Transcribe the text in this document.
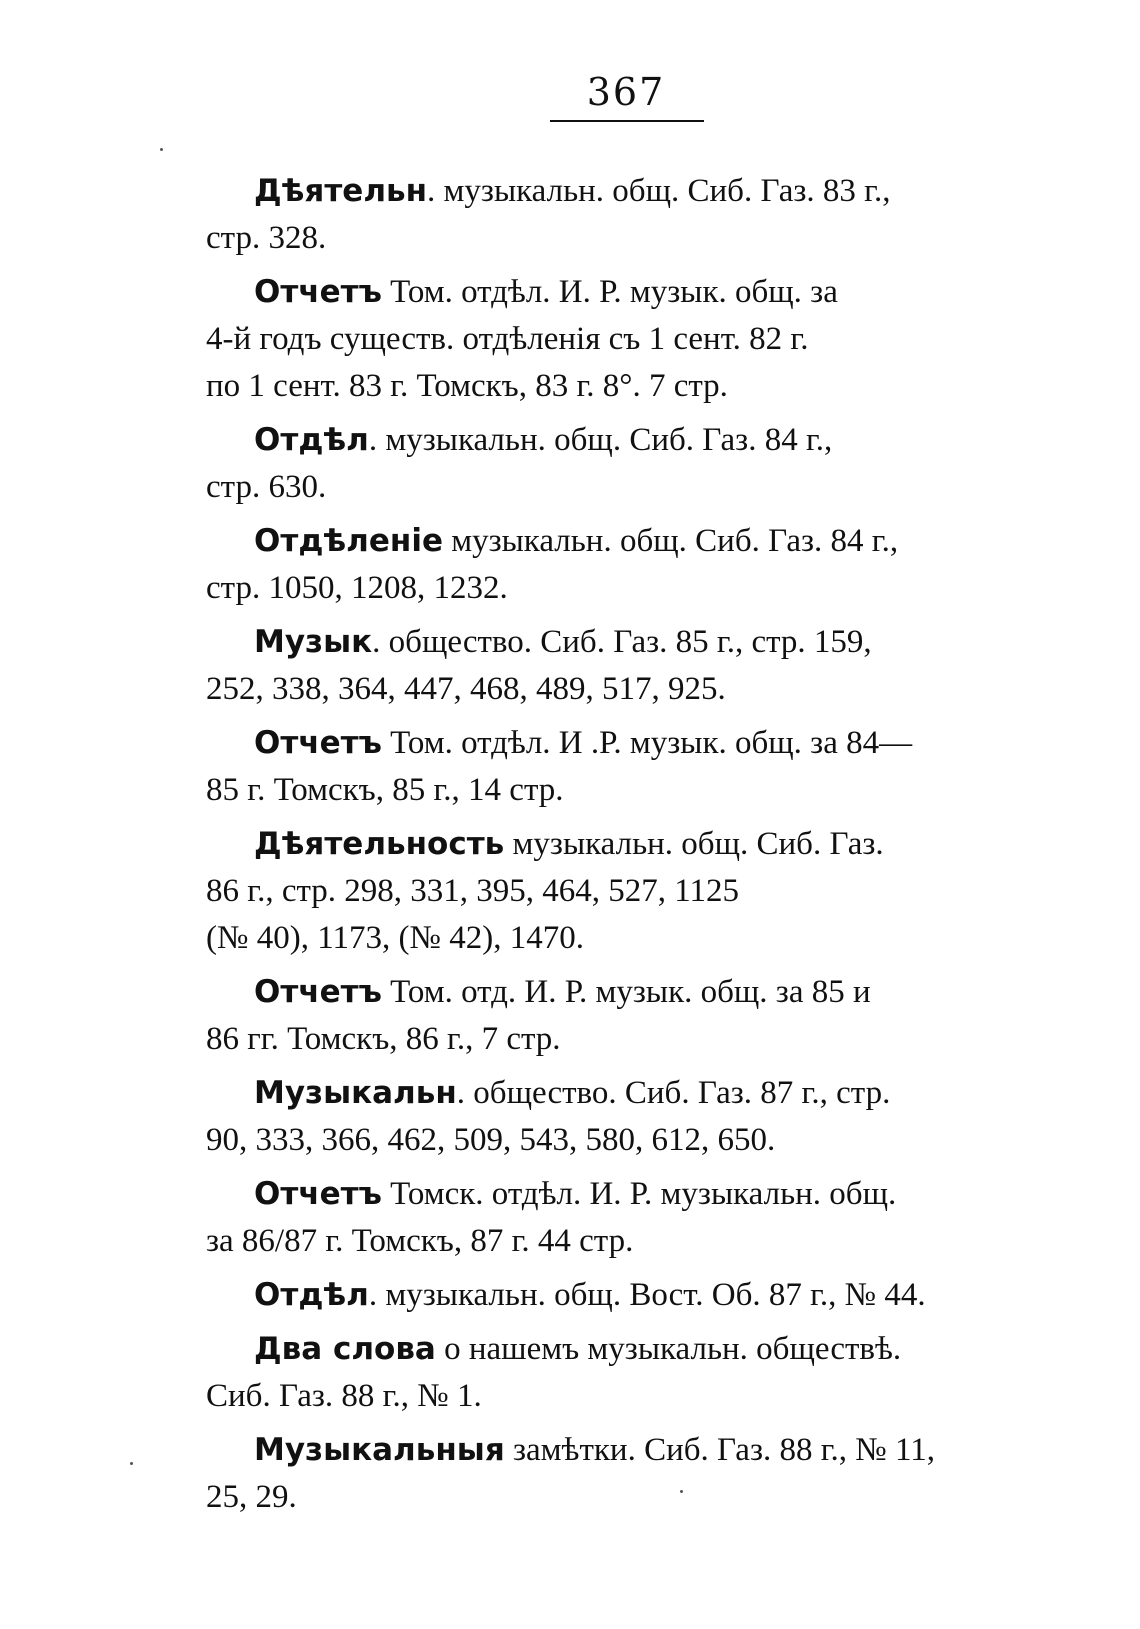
367
Дѣятельн. музыкальн. общ. Сиб. Газ. 83 г.,
стр. 328.
Отчетъ Том. отдѣл. И. Р. музык. общ. за
4-й годъ существ. отдѣленія съ 1 сент. 82 г.
по 1 сент. 83 г. Томскъ, 83 г. 8°. 7 стр.
Отдѣл. музыкальн. общ. Сиб. Газ. 84 г.,
стр. 630.
Отдѣленіе музыкальн. общ. Сиб. Газ. 84 г.,
стр. 1050, 1208, 1232.
Музык. общество. Сиб. Газ. 85 г., стр. 159,
252, 338, 364, 447, 468, 489, 517, 925.
Отчетъ Том. отдѣл. И .Р. музык. общ. за 84—
85 г. Томскъ, 85 г., 14 стр.
Дѣятельность музыкальн. общ. Сиб. Газ.
86 г., стр. 298, 331, 395, 464, 527, 1125
(№ 40), 1173, (№ 42), 1470.
Отчетъ Том. отд. И. Р. музык. общ. за 85 и
86 гг. Томскъ, 86 г., 7 стр.
Музыкальн. общество. Сиб. Газ. 87 г., стр.
90, 333, 366, 462, 509, 543, 580, 612, 650.
Отчетъ Томск. отдѣл. И. Р. музыкальн. общ.
за 86/87 г. Томскъ, 87 г. 44 стр.
Отдѣл. музыкальн. общ. Вост. Об. 87 г., № 44.
Два слова о нашемъ музыкальн. обществѣ.
Сиб. Газ. 88 г., № 1.
Музыкальныя замѣтки. Сиб. Газ. 88 г., № 11,
25, 29.
